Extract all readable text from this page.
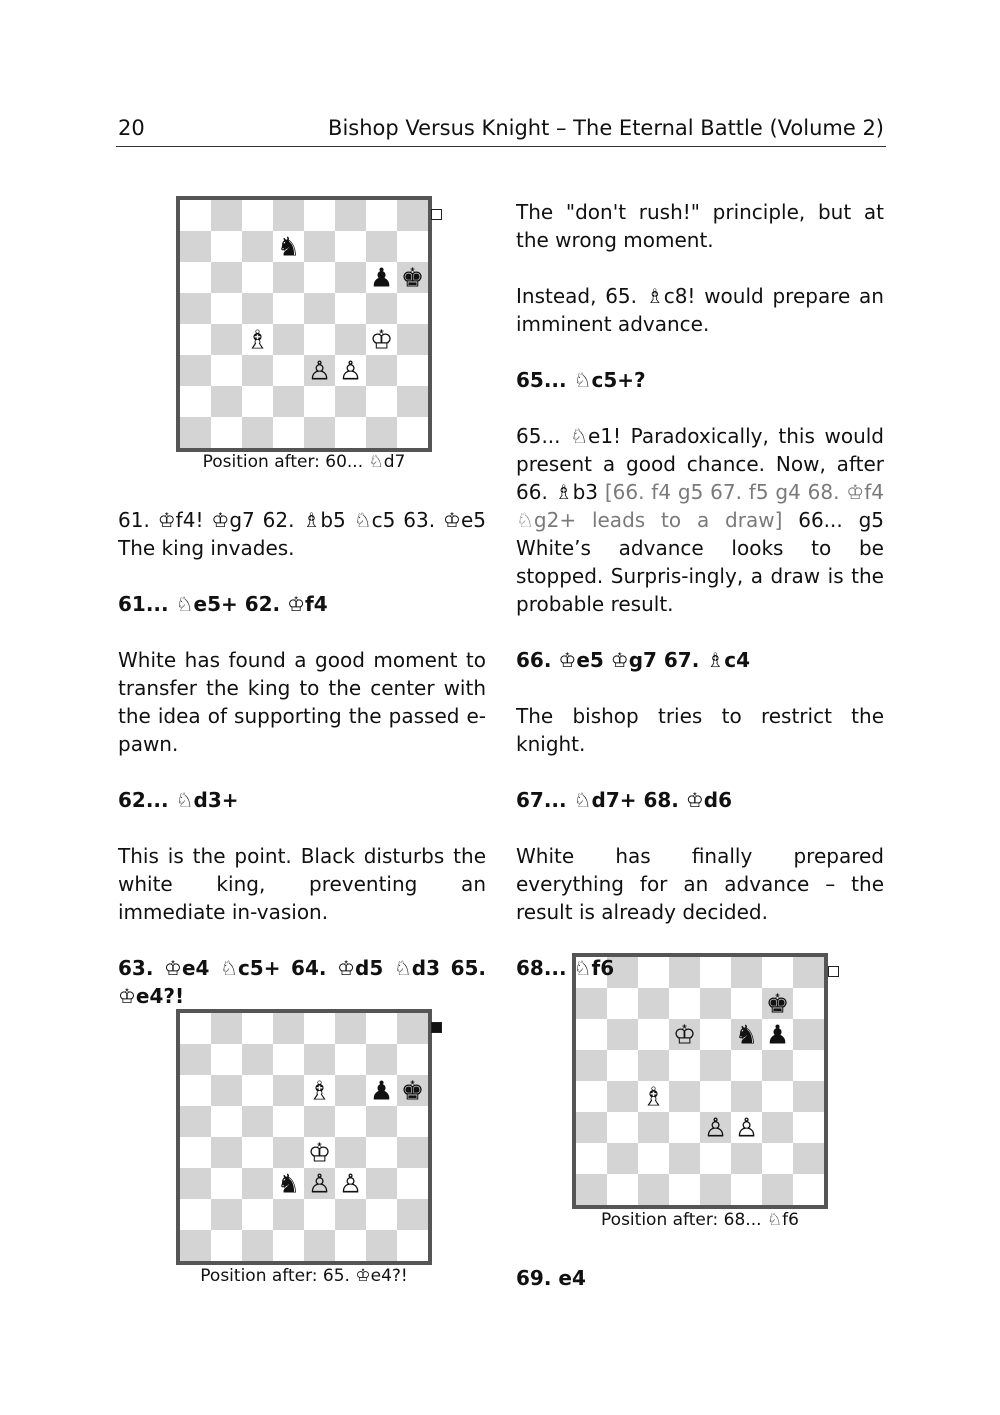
20	Bishop Versus Knight – The Eternal Battle (Volume 2)
♞
♟ ♚
♗	♔
♙ ♙
Position after: 60... ♘d7
♗ ♟ ♚
♔
♞ ♙ ♙
Position after: 65. ♔e4?!
♚
♔ ♞ ♟
♗
♙ ♙
Position after: 68... ♘f6

61. ♔f4! ♔g7 62. ♗b5 ♘c5 63. ♔e5 The king invades.

61... ♘e5+ 62. ♔f4

White has found a good moment to transfer the king to the center with the idea of supporting the passed e-pawn.

62... ♘d3+

This is the point. Black disturbs the white king, preventing an immediate in-vasion.

63. ♔e4 ♘c5+ 64. ♔d5 ♘d3 65. ♔e4?!

The "don't rush!" principle, but at the wrong moment.

Instead, 65. ♗c8! would prepare an imminent advance.

65... ♘c5+?

65... ♘e1! Paradoxically, this would present a good chance. Now, after 66. ♗b3 [66. f4 g5 67. f5 g4 68. ♔f4 ♘g2+ leads to a draw] 66... g5 White’s advance looks to be stopped. Surpris-ingly, a draw is the probable result.

66. ♔e5 ♔g7 67. ♗c4

The bishop tries to restrict the knight.

67... ♘d7+ 68. ♔d6

White has finally prepared everything for an advance – the result is already decided.

68... ♘f6

69. e4
